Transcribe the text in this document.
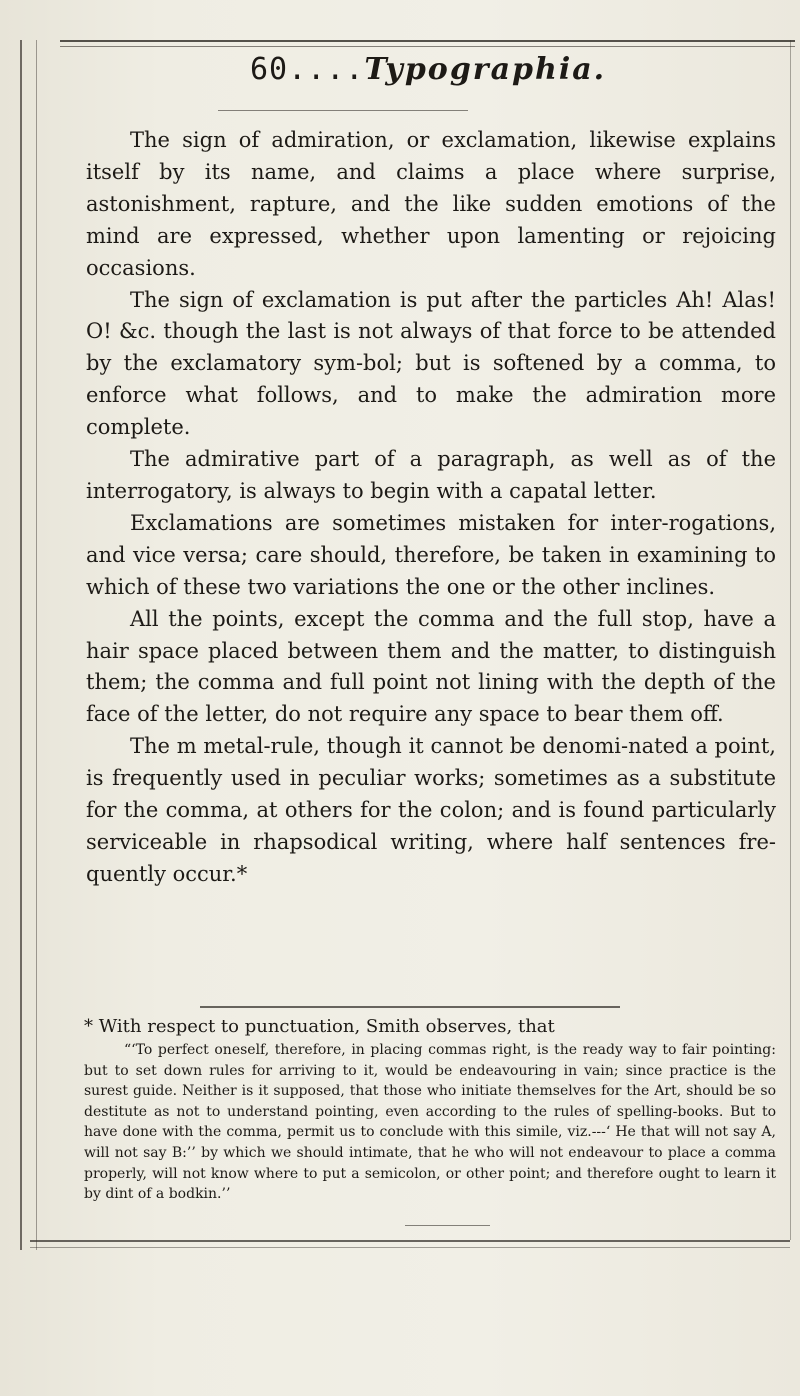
60....Typographia.

The sign of admiration, or exclamation, likewise explains itself by its name, and claims a place where surprise, astonishment, rapture, and the like sudden emotions of the mind are expressed, whether upon lamenting or rejoicing occasions.

The sign of exclamation is put after the particles Ah! Alas! O! &c. though the last is not always of that force to be attended by the exclamatory sym-bol; but is softened by a comma, to enforce what follows, and to make the admiration more complete.

The admirative part of a paragraph, as well as of the interrogatory, is always to begin with a capatal letter.

Exclamations are sometimes mistaken for inter-rogations, and vice versa; care should, therefore, be taken in examining to which of these two variations the one or the other inclines.

All the points, except the comma and the full stop, have a hair space placed between them and the matter, to distinguish them; the comma and full point not lining with the depth of the face of the letter, do not require any space to bear them off.

The m metal-rule, though it cannot be denomi-nated a point, is frequently used in peculiar works; sometimes as a substitute for the comma, at others for the colon; and is found particularly serviceable in rhapsodical writing, where half sentences fre-quently occur.*

* With respect to punctuation, Smith observes, that

“‘To perfect oneself, therefore, in placing commas right, is the ready way to fair pointing: but to set down rules for arriving to it, would be endeavouring in vain; since practice is the surest guide. Neither is it supposed, that those who initiate themselves for the Art, should be so destitute as not to understand pointing, even according to the rules of spelling-books. But to have done with the comma, permit us to conclude with this simile, viz.---‘ He that will not say A, will not say B:’’ by which we should intimate, that he who will not endeavour to place a comma properly, will not know where to put a semicolon, or other point; and therefore ought to learn it by dint of a bodkin.’’
